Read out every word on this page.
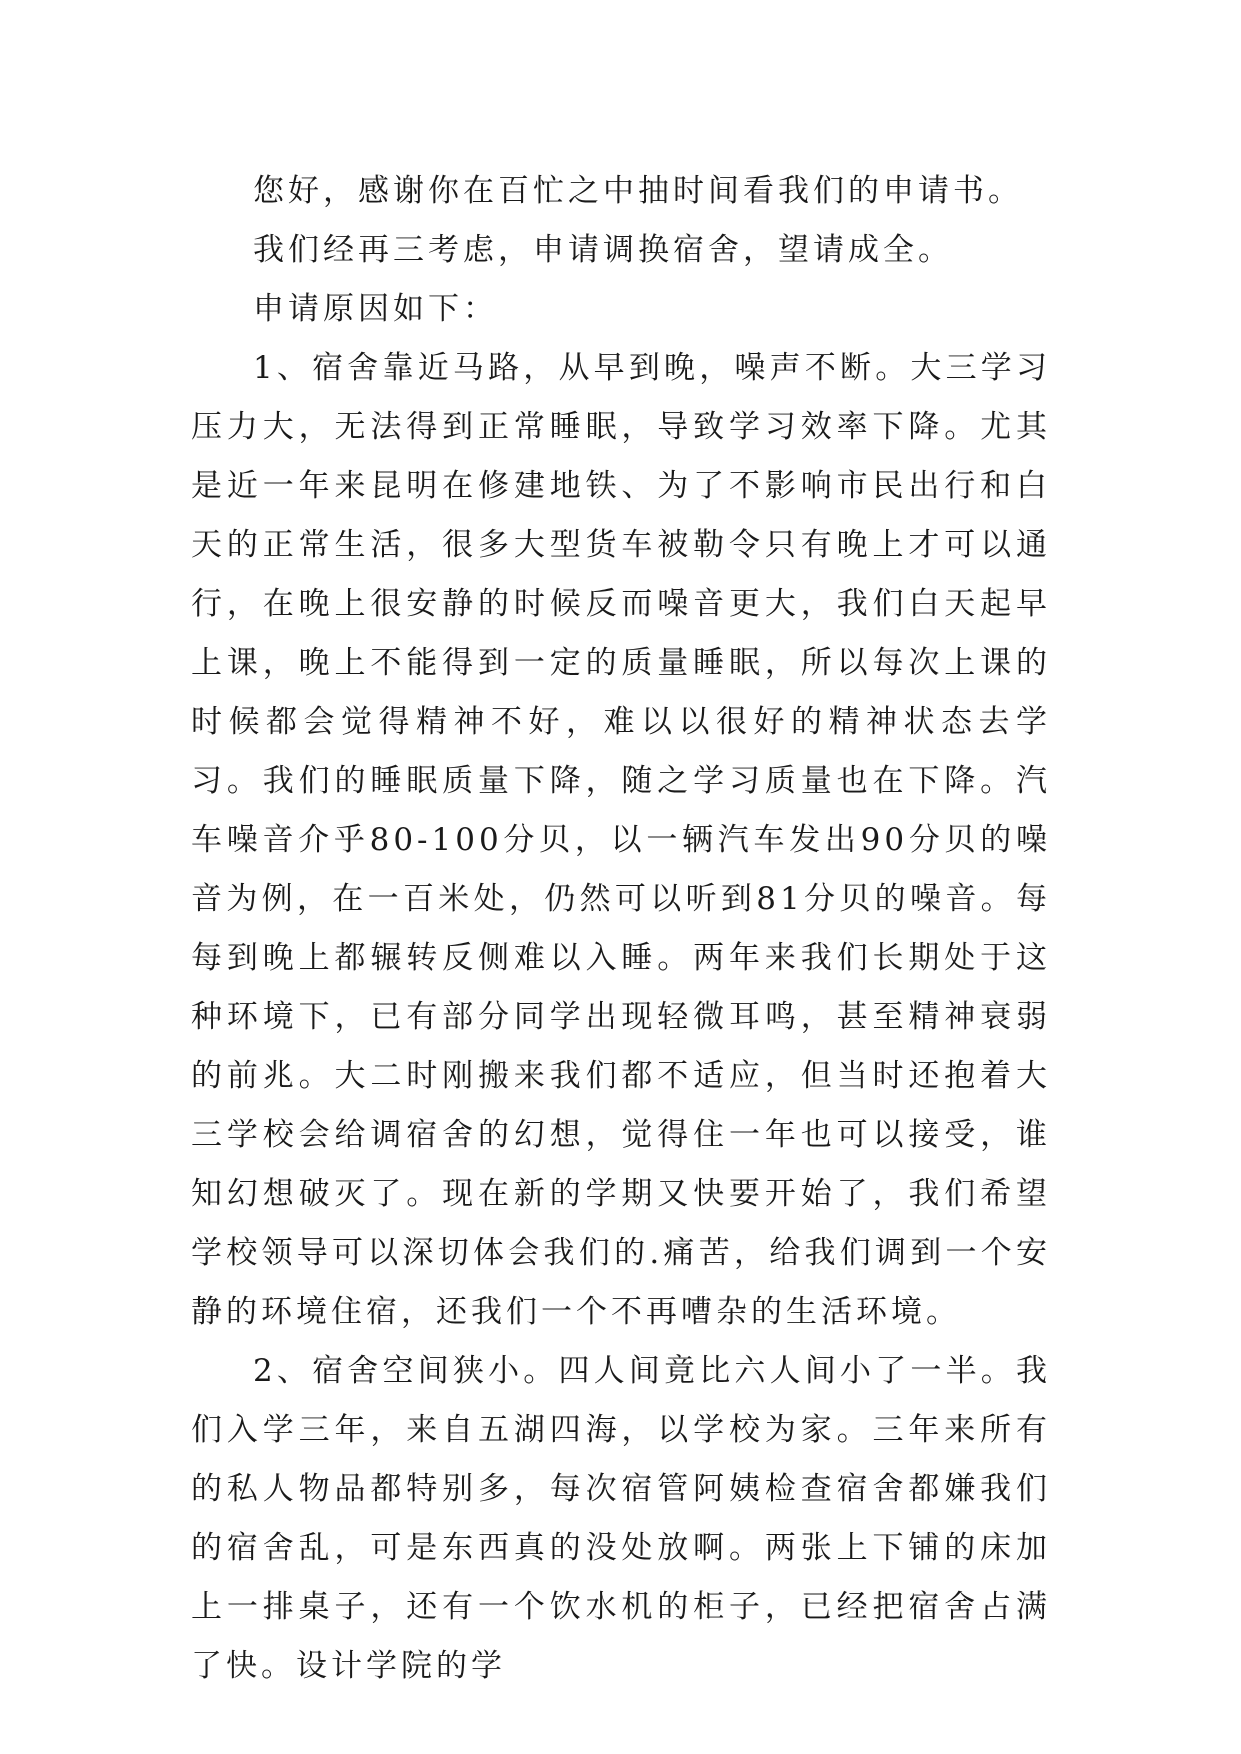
您好，感谢你在百忙之中抽时间看我们的申请书。

我们经再三考虑，申请调换宿舍，望请成全。

申请原因如下：

1、宿舍靠近马路，从早到晚，噪声不断。大三学习压力大，无法得到正常睡眠，导致学习效率下降。尤其是近一年来昆明在修建地铁、为了不影响市民出行和白天的正常生活，很多大型货车被勒令只有晚上才可以通行，在晚上很安静的时候反而噪音更大，我们白天起早上课，晚上不能得到一定的质量睡眠，所以每次上课的时候都会觉得精神不好，难以以很好的精神状态去学习。我们的睡眠质量下降，随之学习质量也在下降。汽车噪音介乎80-100分贝，以一辆汽车发出90分贝的噪音为例，在一百米处，仍然可以听到81分贝的噪音。每每到晚上都辗转反侧难以入睡。两年来我们长期处于这种环境下，已有部分同学出现轻微耳鸣，甚至精神衰弱的前兆。大二时刚搬来我们都不适应，但当时还抱着大三学校会给调宿舍的幻想，觉得住一年也可以接受，谁知幻想破灭了。现在新的学期又快要开始了，我们希望学校领导可以深切体会我们的.痛苦，给我们调到一个安静的环境住宿，还我们一个不再嘈杂的生活环境。

2、宿舍空间狭小。四人间竟比六人间小了一半。我们入学三年，来自五湖四海，以学校为家。三年来所有的私人物品都特别多，每次宿管阿姨检查宿舍都嫌我们的宿舍乱，可是东西真的没处放啊。两张上下铺的床加上一排桌子，还有一个饮水机的柜子，已经把宿舍占满了快。设计学院的学
